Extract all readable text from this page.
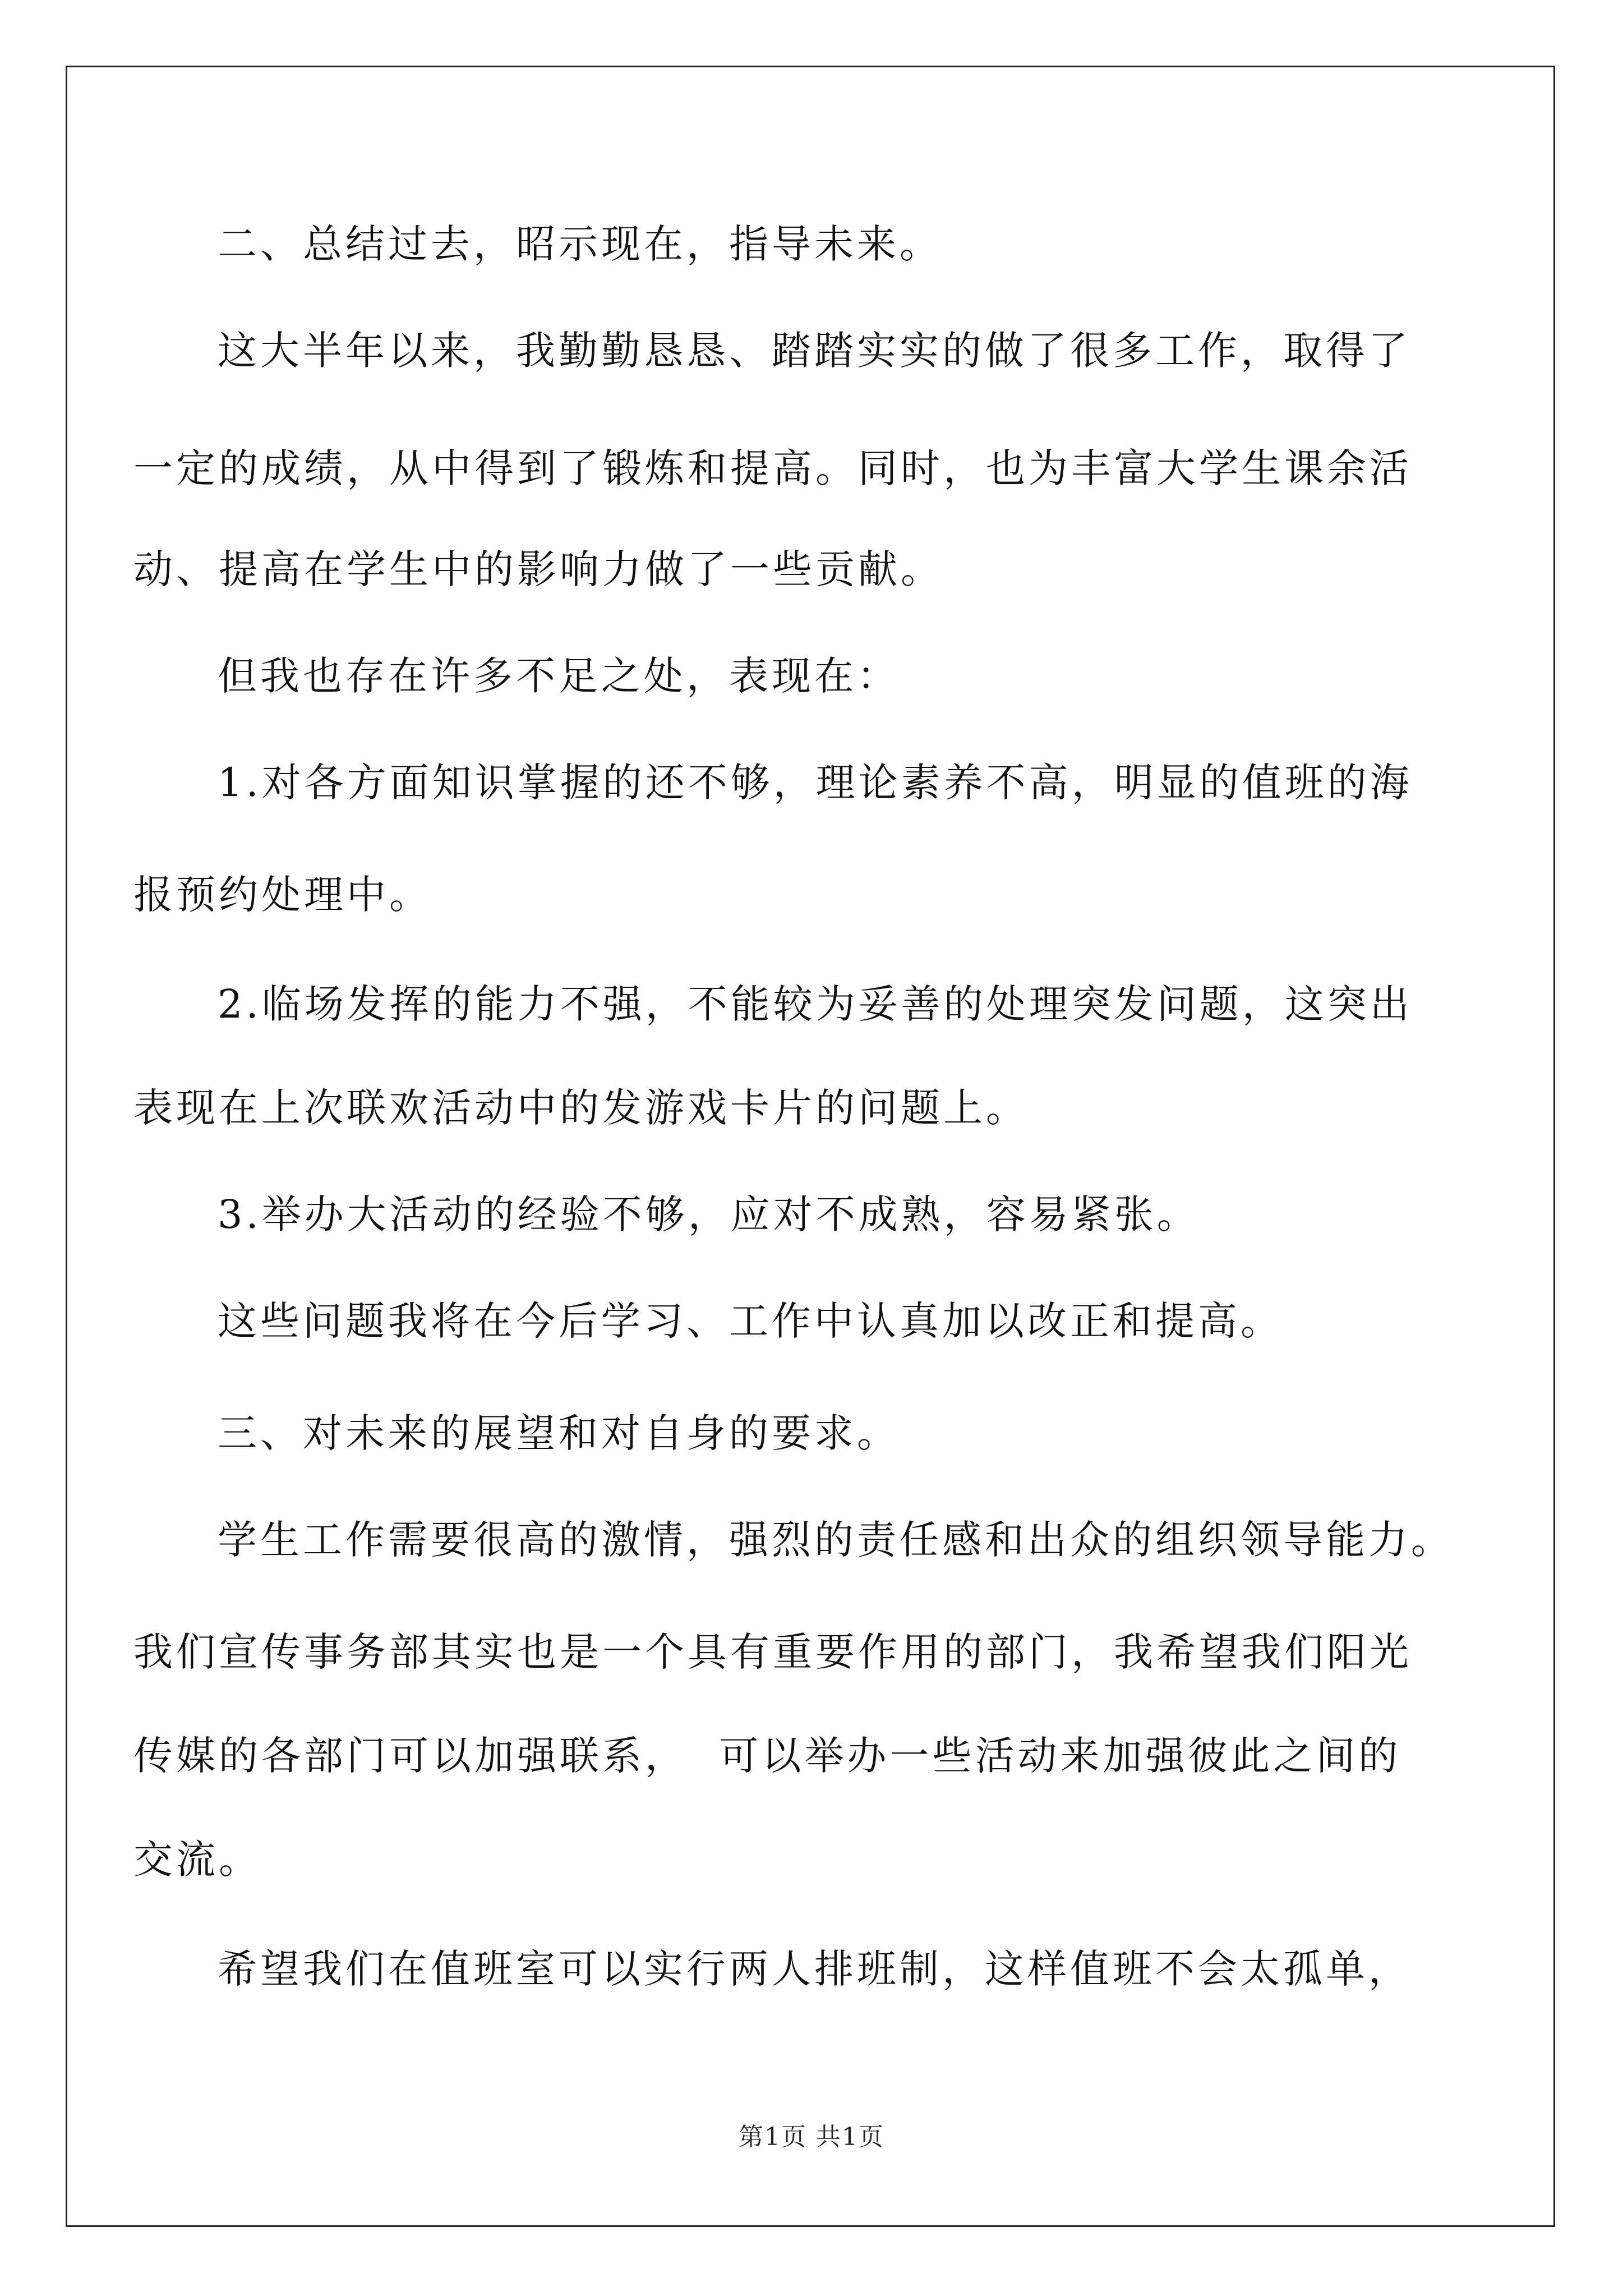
二、总结过去，昭示现在，指导未来。
这大半年以来，我勤勤恳恳、踏踏实实的做了很多工作，取得了
一定的成绩，从中得到了锻炼和提高。同时，也为丰富大学生课余活
动、提高在学生中的影响力做了一些贡献。
但我也存在许多不足之处，表现在：
1.对各方面知识掌握的还不够，理论素养不高，明显的值班的海
报预约处理中。
2.临场发挥的能力不强，不能较为妥善的处理突发问题，这突出
表现在上次联欢活动中的发游戏卡片的问题上。
3.举办大活动的经验不够，应对不成熟，容易紧张。
这些问题我将在今后学习、工作中认真加以改正和提高。
三、对未来的展望和对自身的要求。
学生工作需要很高的激情，强烈的责任感和出众的组织领导能力。
我们宣传事务部其实也是一个具有重要作用的部门，我希望我们阳光
传媒的各部门可以加强联系，  可以举办一些活动来加强彼此之间的
交流。
希望我们在值班室可以实行两人排班制，这样值班不会太孤单，
第1页 共1页
